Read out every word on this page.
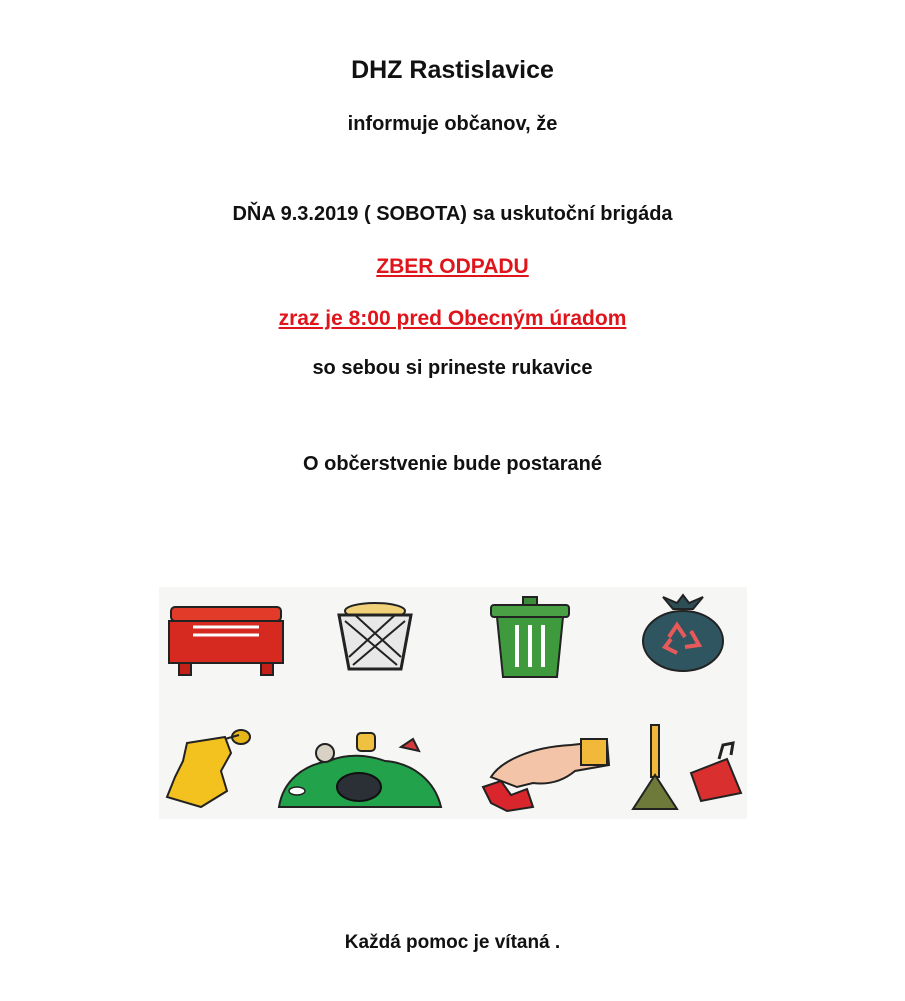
DHZ Rastislavice
informuje občanov, že
DŇA 9.3.2019 ( SOBOTA) sa uskutoční brigáda
ZBER ODPADU
zraz je 8:00 pred Obecným úradom
so sebou si prineste rukavice
O občerstvenie bude postarané
Každá pomoc je vítaná .
